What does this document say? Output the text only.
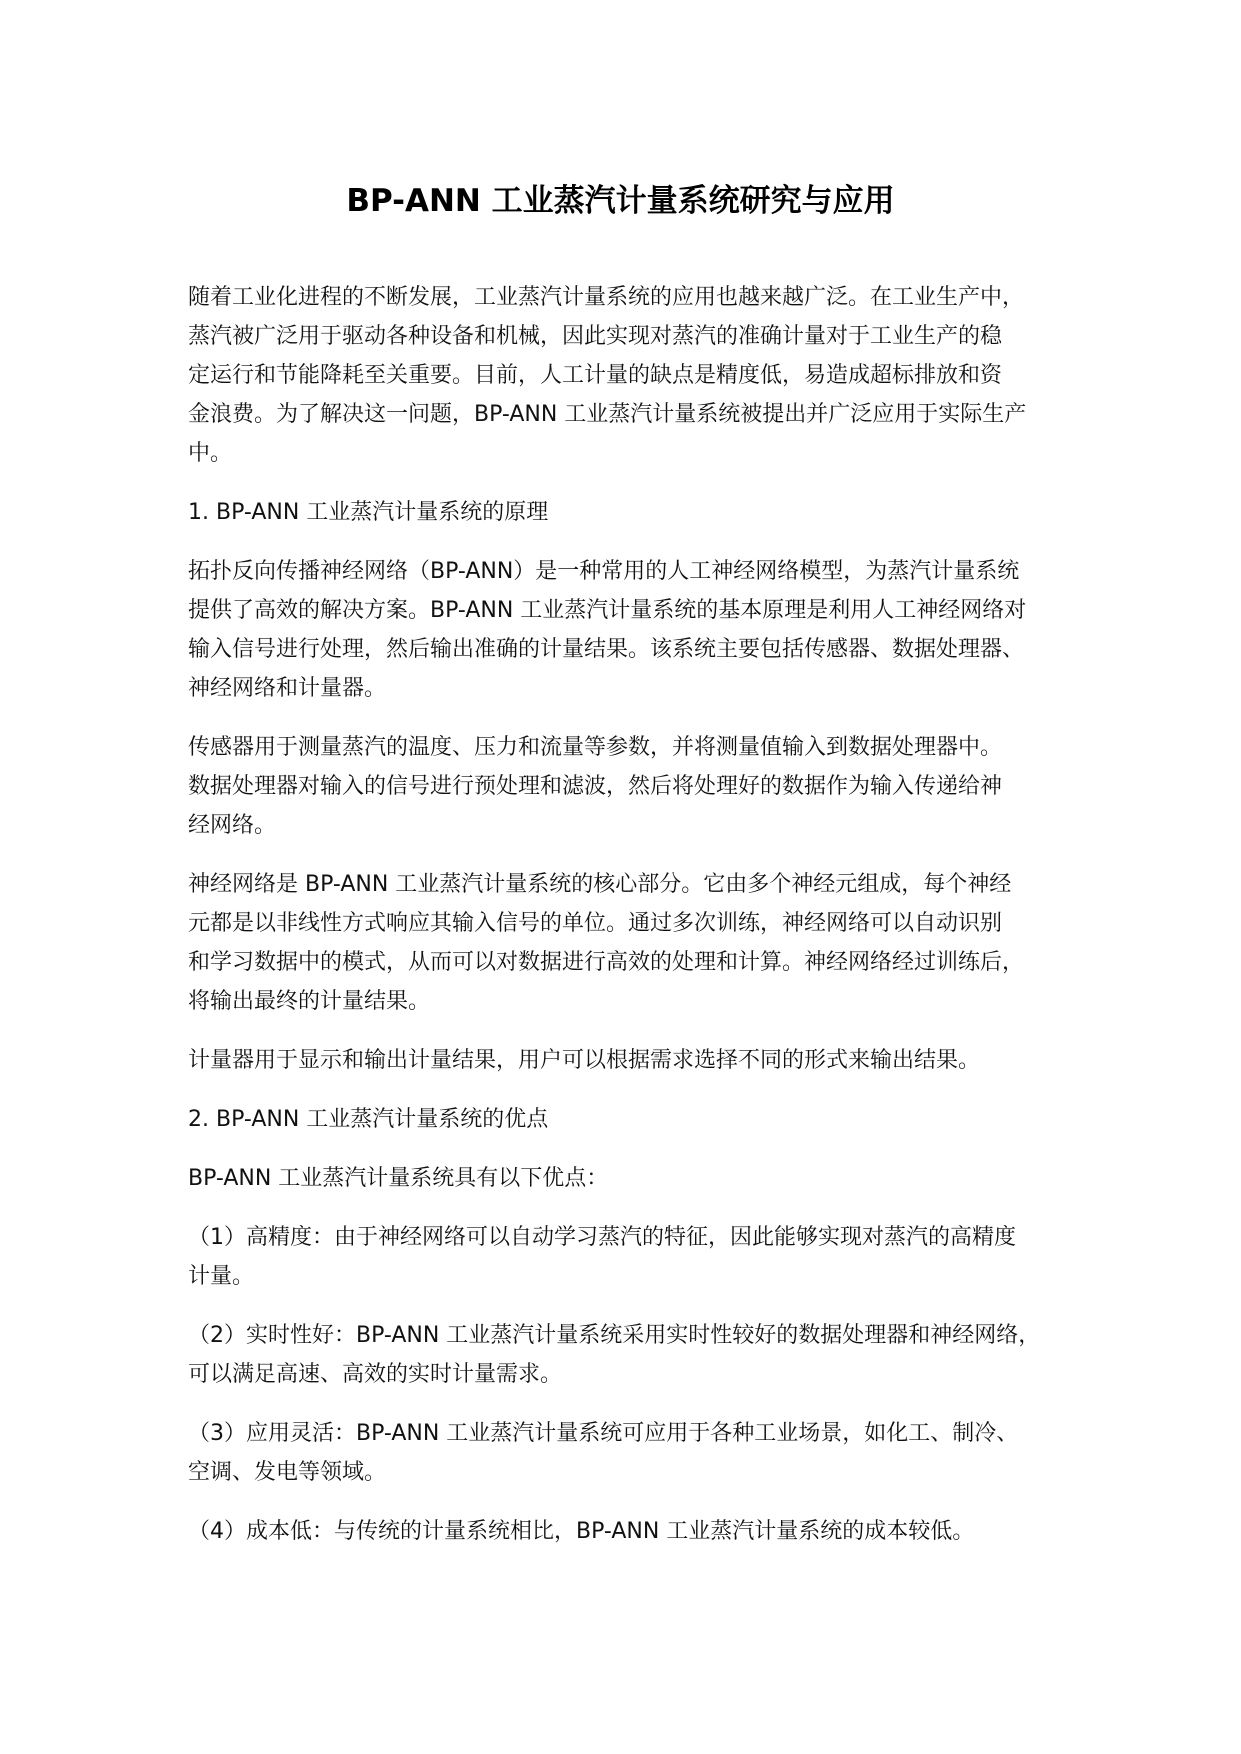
BP-ANN 工业蒸汽计量系统研究与应用
随着工业化进程的不断发展，工业蒸汽计量系统的应用也越来越广泛。在工业生产中，
蒸汽被广泛用于驱动各种设备和机械，因此实现对蒸汽的准确计量对于工业生产的稳
定运行和节能降耗至关重要。目前，人工计量的缺点是精度低，易造成超标排放和资
金浪费。为了解决这一问题，BP-ANN 工业蒸汽计量系统被提出并广泛应用于实际生产
中。
1. BP-ANN 工业蒸汽计量系统的原理
拓扑反向传播神经网络（BP-ANN）是一种常用的人工神经网络模型，为蒸汽计量系统
提供了高效的解决方案。BP-ANN 工业蒸汽计量系统的基本原理是利用人工神经网络对
输入信号进行处理，然后输出准确的计量结果。该系统主要包括传感器、数据处理器、
神经网络和计量器。
传感器用于测量蒸汽的温度、压力和流量等参数，并将测量值输入到数据处理器中。
数据处理器对输入的信号进行预处理和滤波，然后将处理好的数据作为输入传递给神
经网络。
神经网络是 BP-ANN 工业蒸汽计量系统的核心部分。它由多个神经元组成，每个神经
元都是以非线性方式响应其输入信号的单位。通过多次训练，神经网络可以自动识别
和学习数据中的模式，从而可以对数据进行高效的处理和计算。神经网络经过训练后，
将输出最终的计量结果。
计量器用于显示和输出计量结果，用户可以根据需求选择不同的形式来输出结果。
2. BP-ANN 工业蒸汽计量系统的优点
BP-ANN 工业蒸汽计量系统具有以下优点：
（1）高精度：由于神经网络可以自动学习蒸汽的特征，因此能够实现对蒸汽的高精度
计量。
（2）实时性好：BP-ANN 工业蒸汽计量系统采用实时性较好的数据处理器和神经网络，
可以满足高速、高效的实时计量需求。
（3）应用灵活：BP-ANN 工业蒸汽计量系统可应用于各种工业场景，如化工、制冷、
空调、发电等领域。
（4）成本低：与传统的计量系统相比，BP-ANN 工业蒸汽计量系统的成本较低。
